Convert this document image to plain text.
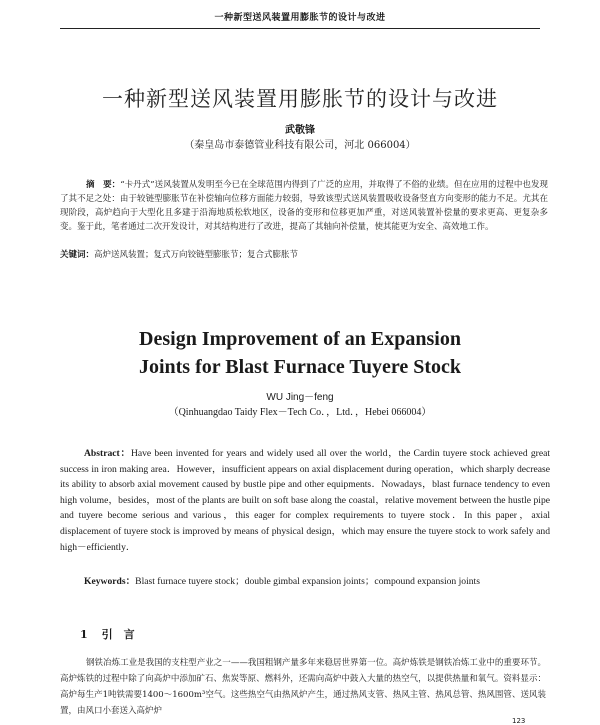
一种新型送风装置用膨胀节的设计与改进
一种新型送风装置用膨胀节的设计与改进
武敬锋
（秦皇岛市泰德管业科技有限公司，河北 066004）
摘　要：“卡丹式”送风装置从发明至今已在全球范围内得到了广泛的应用，并取得了不俗的业绩。但在应用的过程中也发现了其不足之处：由于较链型膨胀节在补偿轴向位移方面能力较弱，导致该型式送风装置吸收设备竖直方向变形的能力不足。尤其在现阶段，高炉趋向于大型化且多建于沿海地质松软地区，设备的变形和位移更加严重，对送风装置补偿量的要求更高、更复杂多变。鉴于此，笔者通过二次开发设计，对其结构进行了改进，提高了其轴向补偿量，使其能更为安全、高效地工作。
关键词：高炉送风装置；复式万向铰链型膨胀节；复合式膨胀节
Design Improvement of an Expansion
Joints for Blast Furnace Tuyere Stock
WU Jing－feng
（Qinhuangdao Taidy Flex－Tech Co．，Ltd．，Hebei 066004）
Abstract：Have been invented for years and widely used all over the world，the Cardin tuyere stock achieved great success in iron making area．However，insufficient appears on axial displacement during operation，which sharply decrease its ability to absorb axial movement caused by bustle pipe and other equipments．Nowadays，blast furnace tendency to even high volume，besides，most of the plants are built on soft base along the coastal，relative movement between the hustle pipe and tuyere become serious and various，this eager for complex requirements to tuyere stock．In this paper，axial displacement of tuyere stock is improved by means of physical design，which may ensure the tuyere stock to work safely and high－efficiently．
Keywords：Blast furnace tuyere stock；double gimbal expansion joints；compound expansion joints
1 引　言
钢铁冶炼工业是我国的支柱型产业之一——我国粗钢产量多年来稳居世界第一位。高炉炼铁是钢铁冶炼工业中的重要环节。高炉炼铁的过程中除了向高炉中添加矿石、焦炭等原、燃料外，还需向高炉中鼓入大量的热空气，以提供热量和氧气。资料显示：高炉每生产1吨铁需要1400～1600m³空气。这些热空气由热风炉产生，通过热风支管、热风主管、热风总管、热风围管、送风装置，由风口小套送入高炉炉
123
